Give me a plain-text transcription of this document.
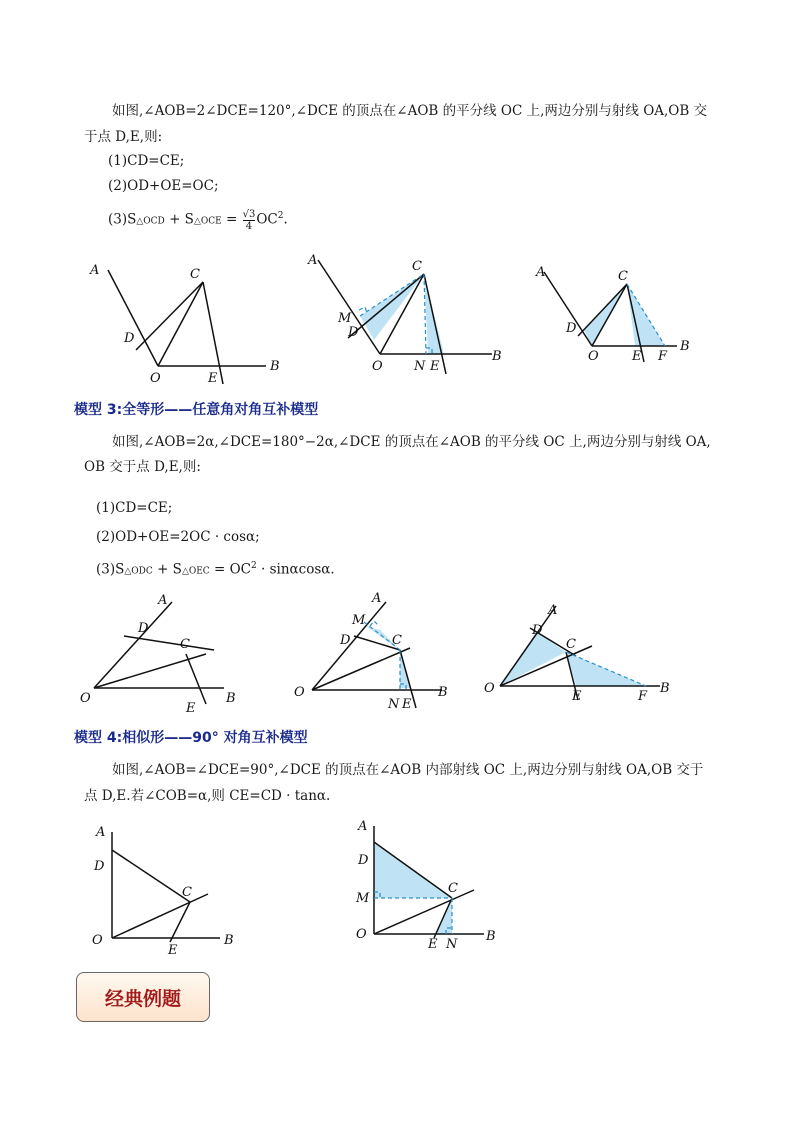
如图,∠AOB=2∠DCE=120°,∠DCE 的顶点在∠AOB 的平分线 OC 上,两边分别与射线 OA,OB 交
于点 D,E,则:
(1)CD=CE;
(2)OD+OE=OC;
(3)S△OCD + S△OCE = $\frac{√3}{4} OC^2$.
A	C
D
O	E
B
A	C
M
D
O N E
B
A	C
D
O	E F
B
模型 3:全等形——任意角对角互补模型
如图,∠AOB=2α,∠DCE=180°−2α,∠DCE 的顶点在∠AOB 的平分线 OC 上,两边分别与射线 OA,
OB 交于点 D,E,则:
(1)CD=CE;
(2)OD+OE=2OC · cosα;
(3)S△ODC + S△OEC = $OC^2 \cdot \sin\alpha\cos\alpha$.
A
D
C
O
E
B
A
M
D	C
O
N E
B
A
D
C
O
E	F
B
模型 4:相似形——90° 对角互补模型
如图,∠AOB=∠DCE=90°,∠DCE 的顶点在∠AOB 内部射线 OC 上,两边分别与射线 OA,OB 交于
点 D,E.若∠COB=α,则 CE=CD · tanα.
A
D
C
O
E
B
A
D
M
C
O
E N
B
经典例题
